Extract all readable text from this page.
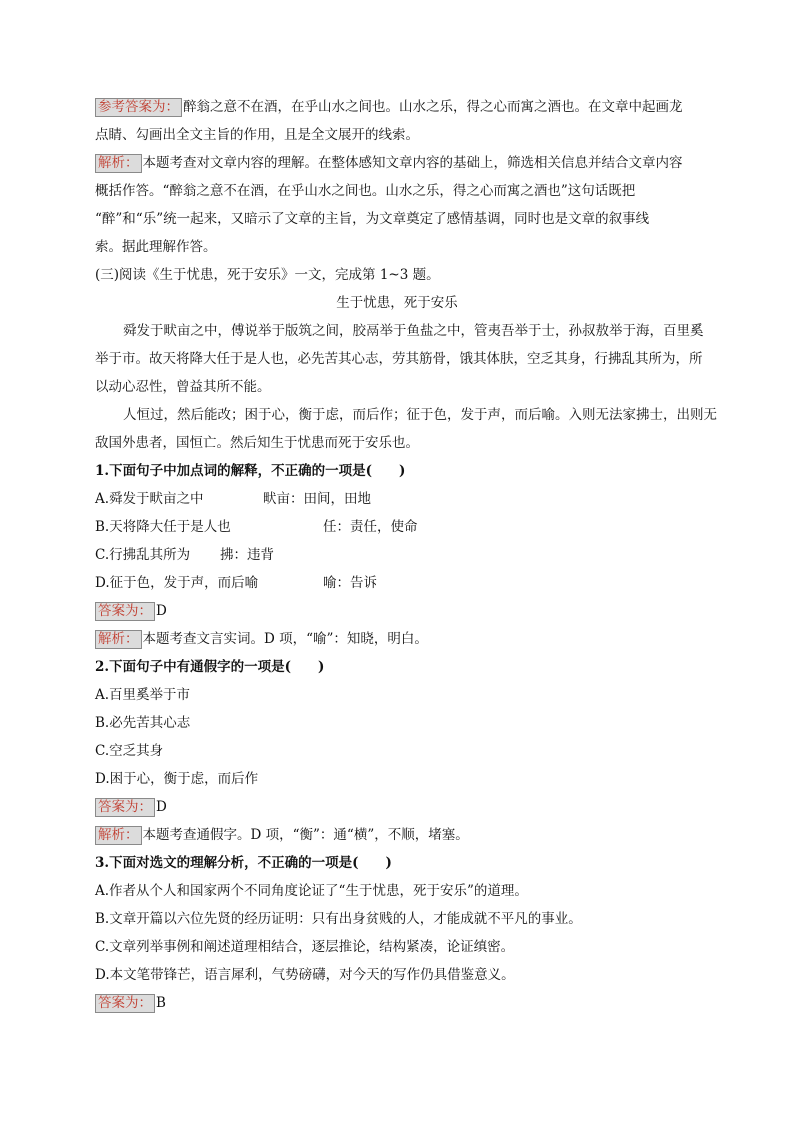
参考答案为： 醉翁之意不在酒，在乎山水之间也。山水之乐，得之心而寓之酒也。在文章中起画龙
点睛、勾画出全文主旨的作用，且是全文展开的线索。
解析： 本题考查对文章内容的理解。在整体感知文章内容的基础上，筛选相关信息并结合文章内容
概括作答。“醉翁之意不在酒，在乎山水之间也。山水之乐，得之心而寓之酒也”这句话既把
“醉”和“乐”统一起来，又暗示了文章的主旨，为文章奠定了感情基调，同时也是文章的叙事线
索。据此理解作答。
(三)阅读《生于忧患，死于安乐》一文，完成第 1~3 题。
生于忧患，死于安乐
舜发于畎亩之中，傅说举于版筑之间，胶鬲举于鱼盐之中，管夷吾举于士，孙叔敖举于海，百里奚
举于市。故天将降大任于是人也，必先苦其心志，劳其筋骨，饿其体肤，空乏其身，行拂乱其所为，所
以动心忍性，曾益其所不能。
人恒过，然后能改；困于心，衡于虑，而后作；征于色，发于声，而后喻。入则无法家拂士，出则无
敌国外患者，国恒亡。然后知生于忧患而死于安乐也。
1.下面句子中加点词的解释，不正确的一项是(　　)
A.舜发于畎亩之中	畎亩：田间，田地
B.天将降大任于是人也	任：责任，使命
C.行拂乱其所为 拂：违背
D.征于色，发于声，而后喻	喻：告诉
答案为： D
解析： 本题考查文言实词。D 项，“喻”：知晓，明白。
2.下面句子中有通假字的一项是(　　)
A.百里奚举于市
B.必先苦其心志
C.空乏其身
D.困于心，衡于虑，而后作
答案为： D
解析： 本题考查通假字。D 项，“衡”：通“横”，不顺，堵塞。
3.下面对选文的理解分析，不正确的一项是(　　)
A.作者从个人和国家两个不同角度论证了“生于忧患，死于安乐”的道理。
B.文章开篇以六位先贤的经历证明：只有出身贫贱的人，才能成就不平凡的事业。
C.文章列举事例和阐述道理相结合，逐层推论，结构紧凑，论证缜密。
D.本文笔带锋芒，语言犀利，气势磅礴，对今天的写作仍具借鉴意义。
答案为： B
